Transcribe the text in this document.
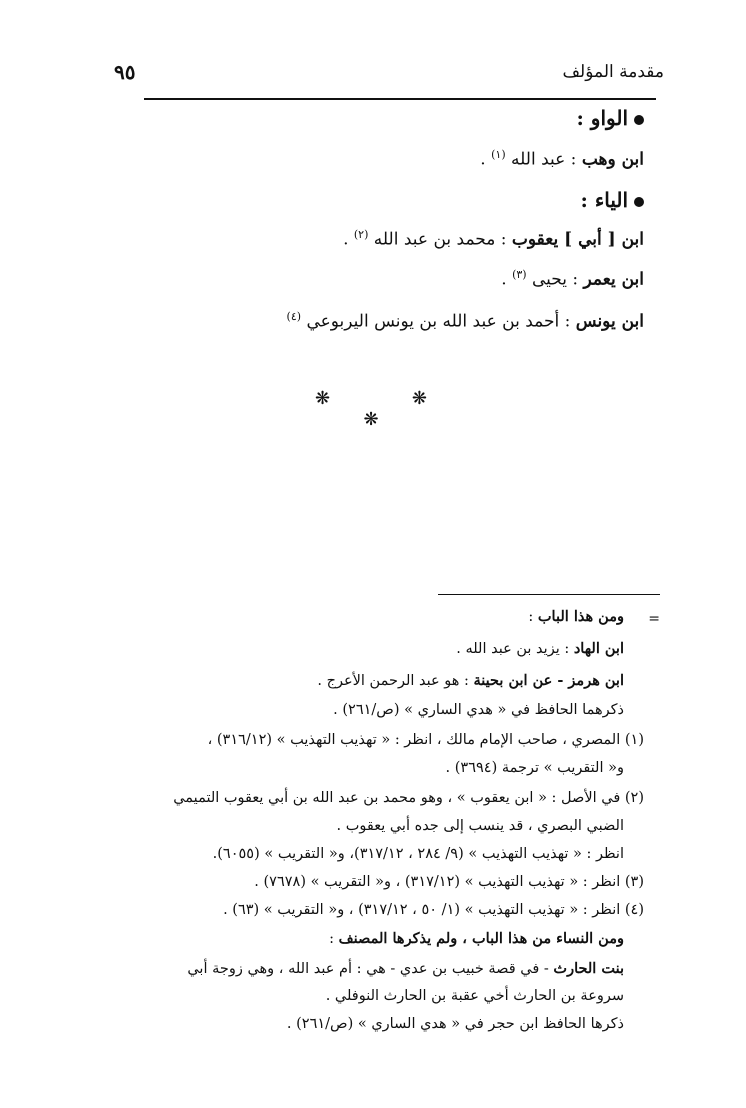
مقدمة المؤلف
٩٥
الواو :
ابن وهب : عبد الله $^{(١)}$ .
الياء :
ابن [ أبي ] يعقوب : محمد بن عبد الله $^{(٢)}$ .
ابن يعمر : يحيى $^{(٣)}$ .
ابن يونس : أحمد بن عبد الله بن يونس اليربوعي $^{(٤)}$
❋ ❋ ❋
=
ومن هذا الباب :
ابن الهاد : يزيد بن عبد الله .
ابن هرمز - عن ابن بحينة : هو عبد الرحمن الأعرج .
ذكرهما الحافظ في « هدي الساري » (ص/٢٦١) .
(١) المصري ، صاحب الإمام مالك ، انظر : « تهذيب التهذيب » (٣١٦/١٢) ،
و« التقريب » ترجمة (٣٦٩٤) .
(٢) في الأصل : « ابن يعقوب » ، وهو محمد بن عبد الله بن أبي يعقوب التميمي
الضبي البصري ، قد ينسب إلى جده أبي يعقوب .
انظر : « تهذيب التهذيب » (٩/ ٢٨٤ ، ٣١٧/١٢)، و« التقريب » (٦٠٥٥).
(٣) انظر : « تهذيب التهذيب » (٣١٧/١٢) ، و« التقريب » (٧٦٧٨) .
(٤) انظر : « تهذيب التهذيب » (١/ ٥٠ ، ٣١٧/١٢) ، و« التقريب » (٦٣) .
ومن النساء من هذا الباب ، ولم يذكرها المصنف :
بنت الحارث - في قصة خبيب بن عدي - هي : أم عبد الله ، وهي زوجة أبي
سروعة بن الحارث أخي عقبة بن الحارث النوفلي .
ذكرها الحافظ ابن حجر في « هدي الساري » (ص/٢٦١) .
